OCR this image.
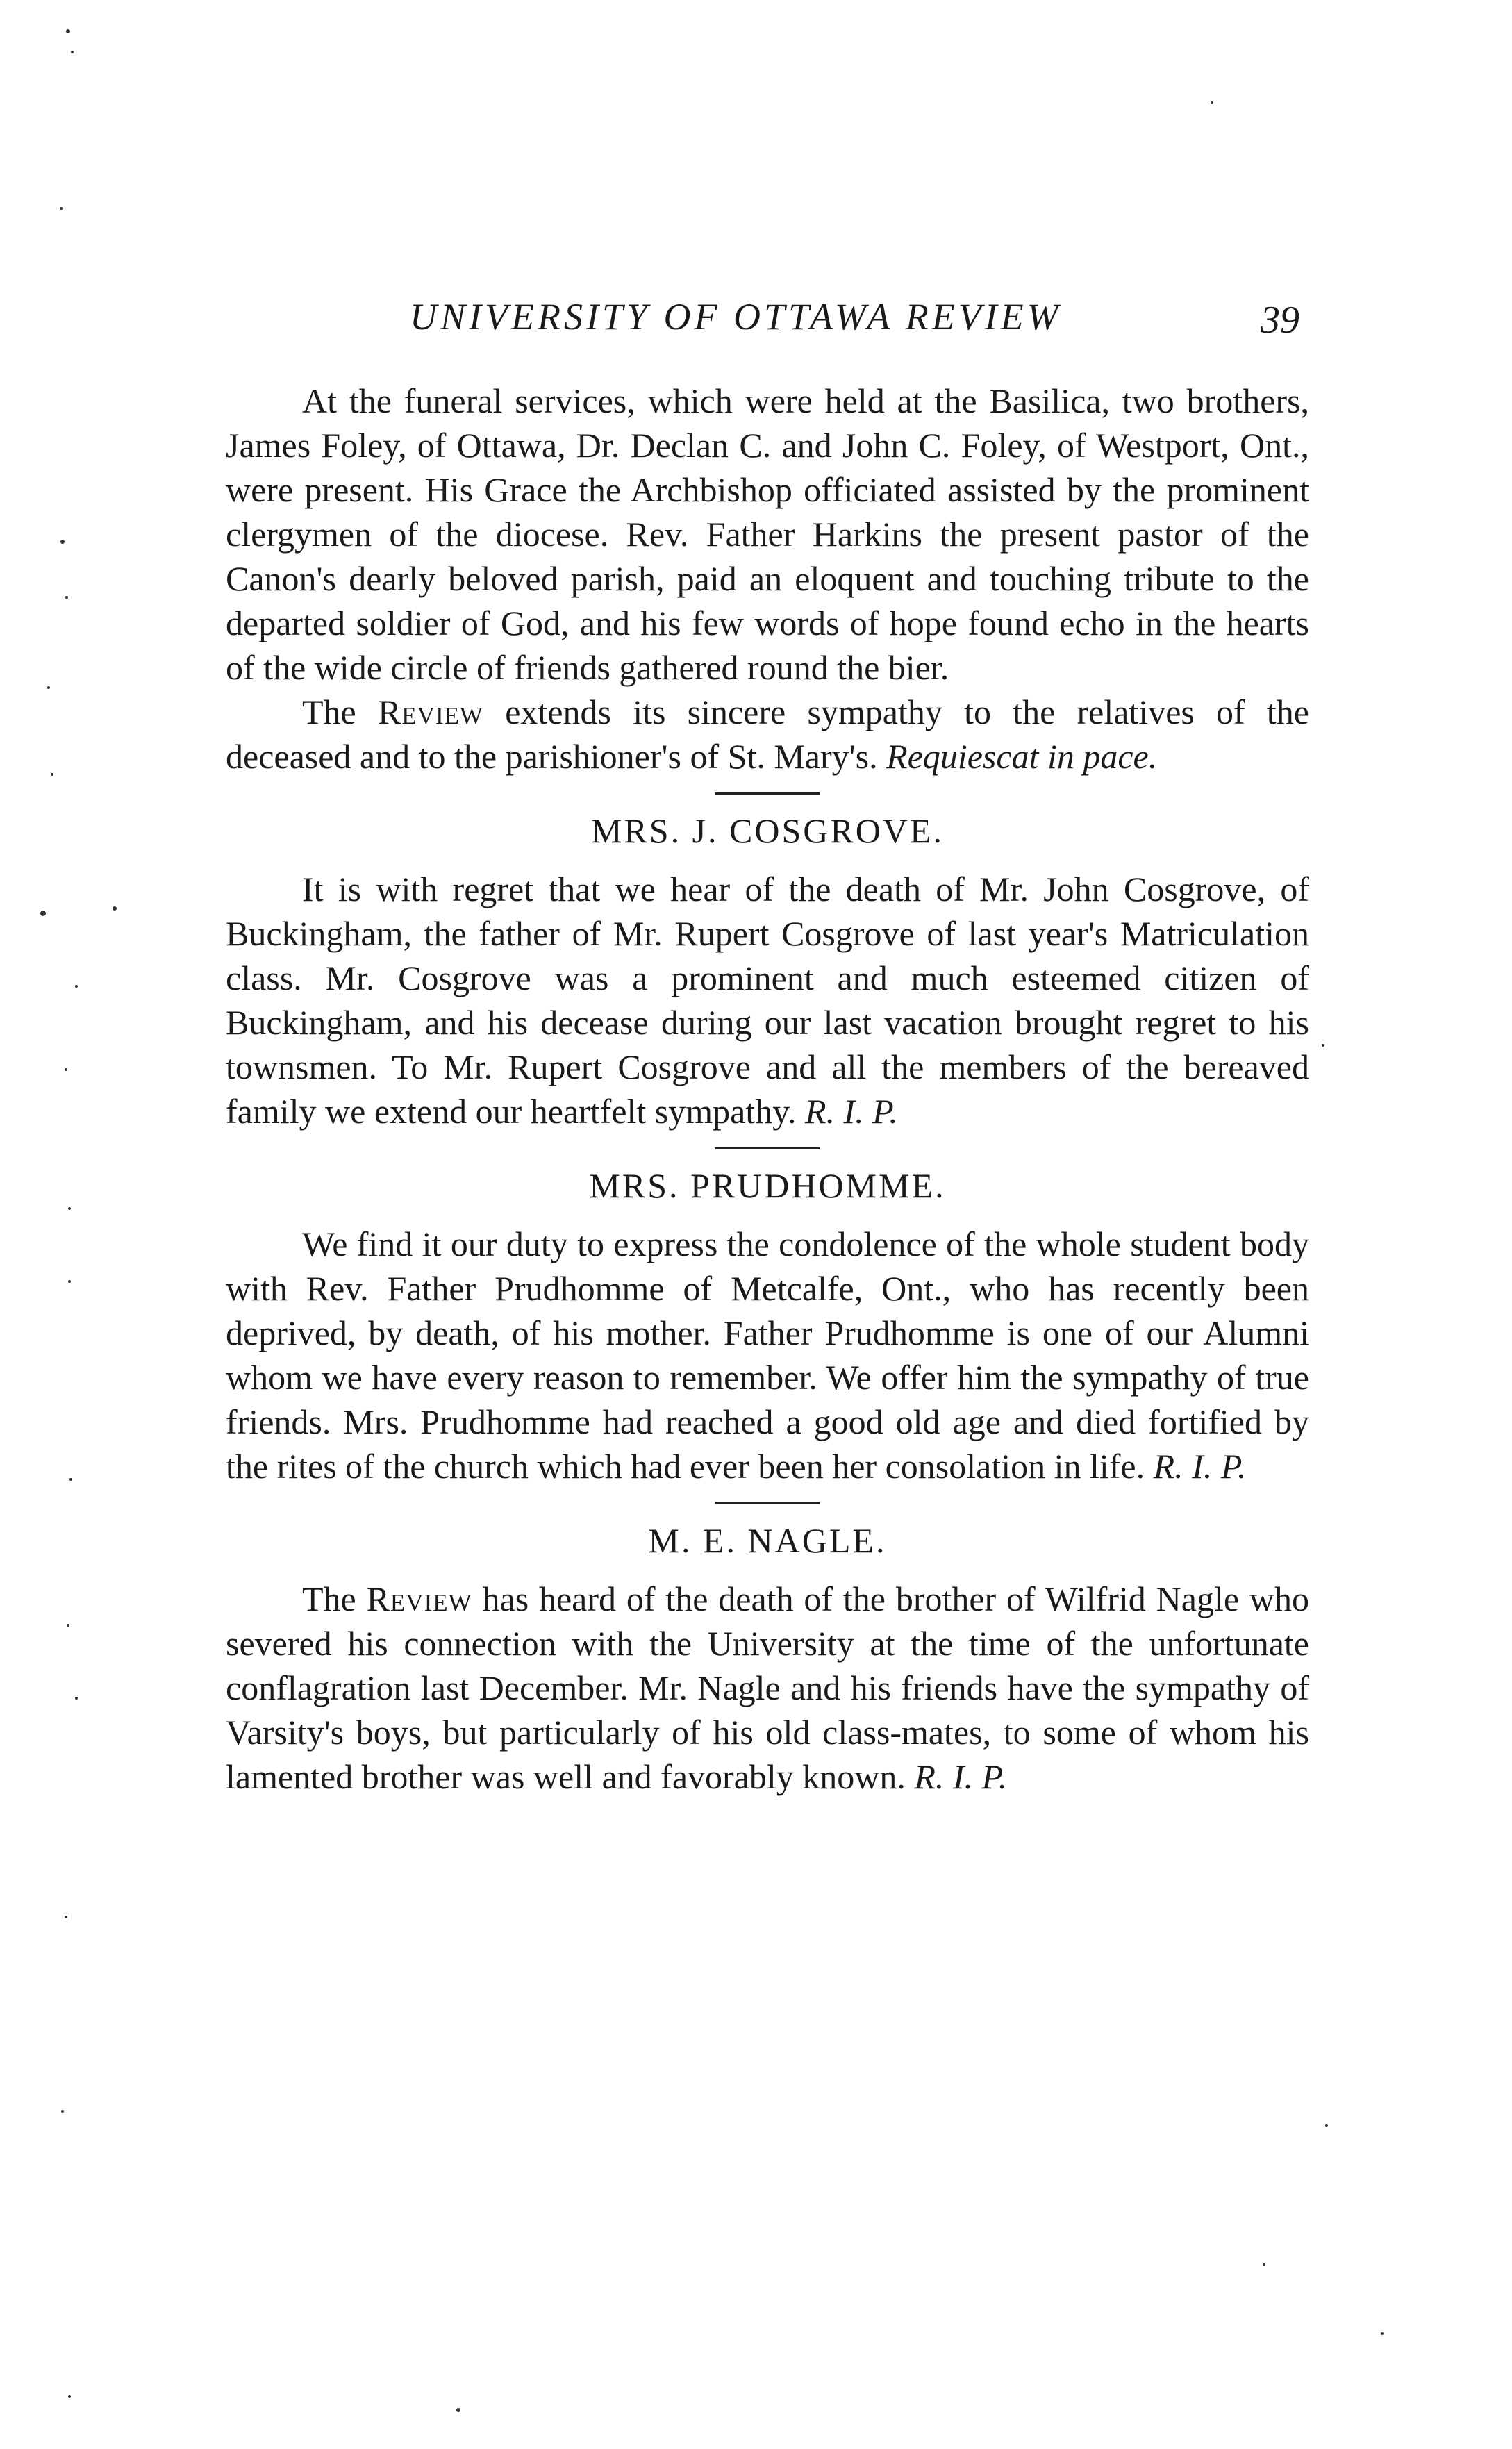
UNIVERSITY OF OTTAWA REVIEW	39

At the funeral services, which were held at the Basilica, two brothers, James Foley, of Ottawa, Dr. Declan C. and John C. Foley, of Westport, Ont., were present. His Grace the Archbishop officiated assisted by the prominent clergymen of the diocese. Rev. Father Harkins the present pastor of the Canon's dearly beloved parish, paid an eloquent and touching tribute to the departed soldier of God, and his few words of hope found echo in the hearts of the wide circle of friends gathered round the bier.

The Review extends its sincere sympathy to the relatives of the deceased and to the parishioner's of St. Mary's. Requiescat in pace.

MRS. J. COSGROVE.

It is with regret that we hear of the death of Mr. John Cosgrove, of Buckingham, the father of Mr. Rupert Cosgrove of last year's Matriculation class. Mr. Cosgrove was a prominent and much esteemed citizen of Buckingham, and his decease during our last vacation brought regret to his townsmen. To Mr. Rupert Cosgrove and all the members of the bereaved family we extend our heartfelt sympathy. R. I. P.

MRS. PRUDHOMME.

We find it our duty to express the condolence of the whole student body with Rev. Father Prudhomme of Metcalfe, Ont., who has recently been deprived, by death, of his mother. Father Prudhomme is one of our Alumni whom we have every reason to remember. We offer him the sympathy of true friends. Mrs. Prudhomme had reached a good old age and died fortified by the rites of the church which had ever been her consolation in life. R. I. P.

M. E. NAGLE.

The Review has heard of the death of the brother of Wilfrid Nagle who severed his connection with the University at the time of the unfortunate conflagration last December. Mr. Nagle and his friends have the sympathy of Varsity's boys, but particularly of his old class-mates, to some of whom his lamented brother was well and favorably known. R. I. P.
